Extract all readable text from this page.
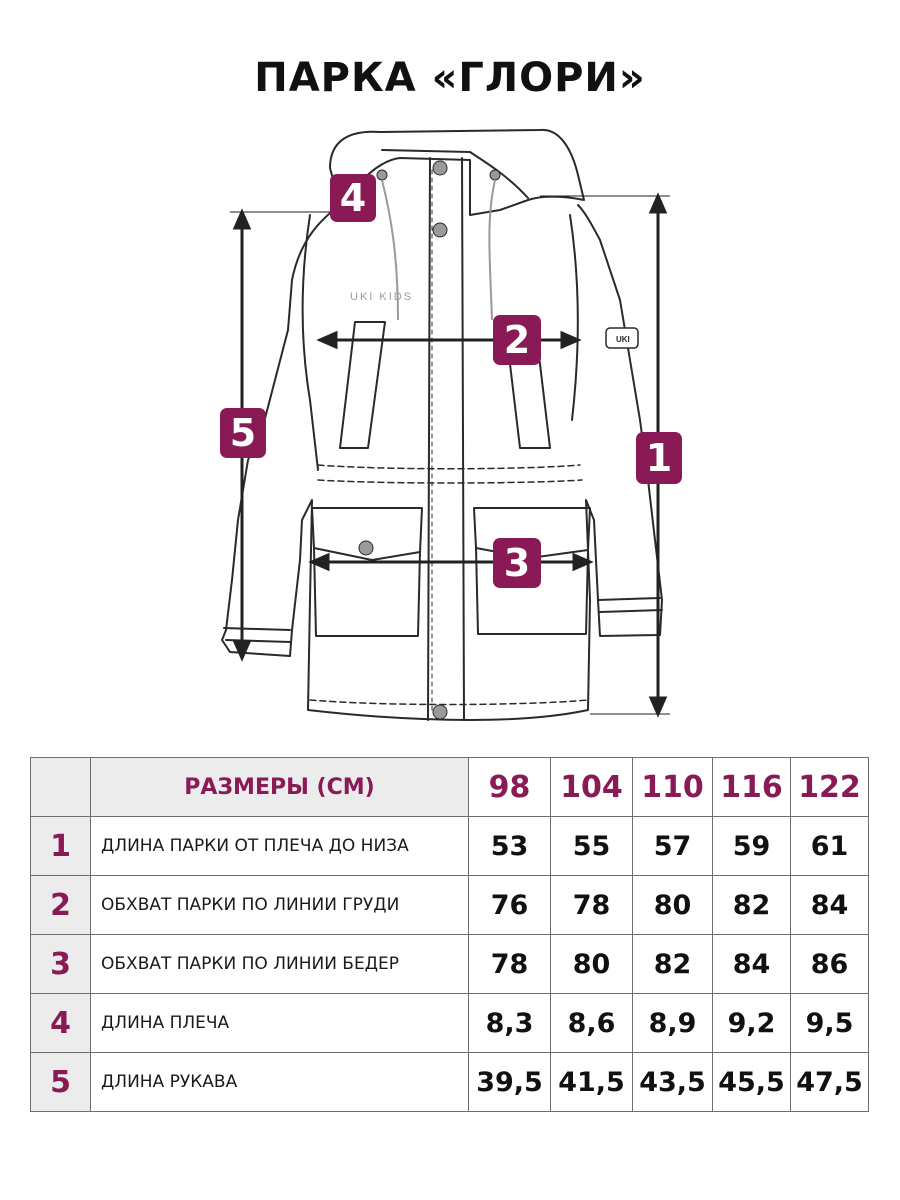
ПАРКА «ГЛОРИ»
UKI KIDS
UKI
1
2
3
4
5
	РАЗМЕРЫ (СМ)	98	104	110	116	122
1	ДЛИНА ПАРКИ ОТ ПЛЕЧА ДО НИЗА	53	55	57	59	61
2	ОБХВАТ ПАРКИ ПО ЛИНИИ ГРУДИ	76	78	80	82	84
3	ОБХВАТ ПАРКИ ПО ЛИНИИ БЕДЕР	78	80	82	84	86
4	ДЛИНА ПЛЕЧА	8,3	8,6	8,9	9,2	9,5
5	ДЛИНА РУКАВА	39,5	41,5	43,5	45,5	47,5
